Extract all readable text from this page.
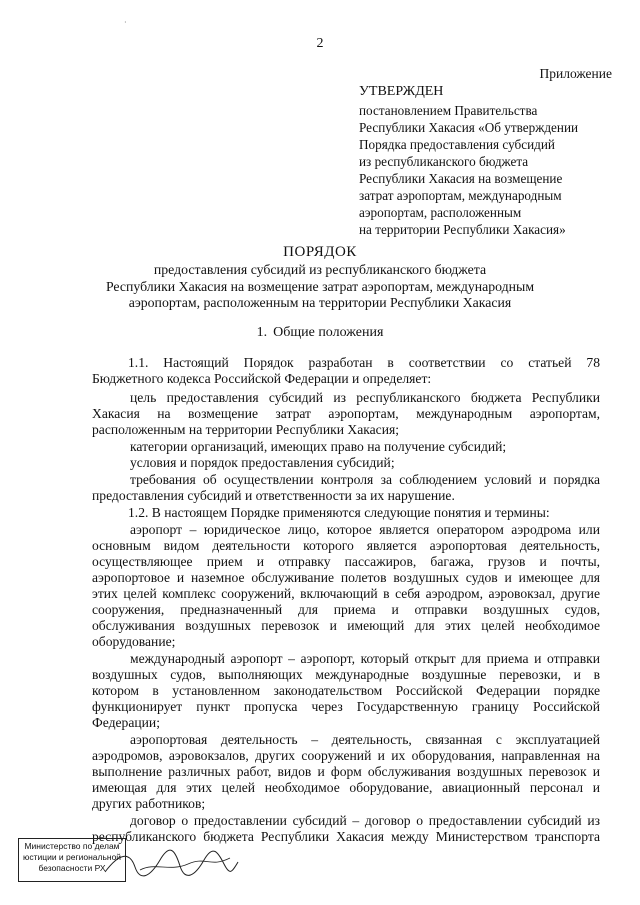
·
2
Приложение
УТВЕРЖДЕН
постановлением Правительства
Республики Хакасия «Об утверждении
Порядка предоставления субсидий
из республиканского бюджета
Республики Хакасия на возмещение
затрат аэропортам, международным
аэропортам, расположенным
на территории Республики Хакасия»
ПОРЯДОК
предоставления субсидий из республиканского бюджета
Республики Хакасия на возмещение затрат аэропортам, международным
аэропортам, расположенным на территории Республики Хакасия
1. Общие положения
1.1. Настоящий Порядок разработан в соответствии со статьей 78
Бюджетного кодекса Российской Федерации и определяет:
цель предоставления субсидий из республиканского бюджета Республики
Хакасия на возмещение затрат аэропортам, международным аэропортам,
расположенным на территории Республики Хакасия;
категории организаций, имеющих право на получение субсидий;
условия и порядок предоставления субсидий;
требования об осуществлении контроля за соблюдением условий и порядка
предоставления субсидий и ответственности за их нарушение.
1.2. В настоящем Порядке применяются следующие понятия и термины:
аэропорт – юридическое лицо, которое является оператором аэродрома или
основным видом деятельности которого является аэропортовая деятельность,
осуществляющее прием и отправку пассажиров, багажа, грузов и почты,
аэропортовое и наземное обслуживание полетов воздушных судов и имеющее для
этих целей комплекс сооружений, включающий в себя аэродром, аэровокзал, другие
сооружения, предназначенный для приема и отправки воздушных судов,
обслуживания воздушных перевозок и имеющий для этих целей необходимое
оборудование;
международный аэропорт – аэропорт, который открыт для приема и отправки
воздушных судов, выполняющих международные воздушные перевозки, и в
котором в установленном законодательством Российской Федерации порядке
функционирует пункт пропуска через Государственную границу Российской
Федерации;
аэропортовая деятельность – деятельность, связанная с эксплуатацией
аэродромов, аэровокзалов, других сооружений и их оборудования, направленная на
выполнение различных работ, видов и форм обслуживания воздушных перевозок и
имеющая для этих целей необходимое оборудование, авиационный персонал и
других работников;
договор о предоставлении субсидий – договор о предоставлении субсидий из
республиканского бюджета Республики Хакасия между Министерством транспорта
Министерство по делам
юстиции и региональной
безопасности РХ
